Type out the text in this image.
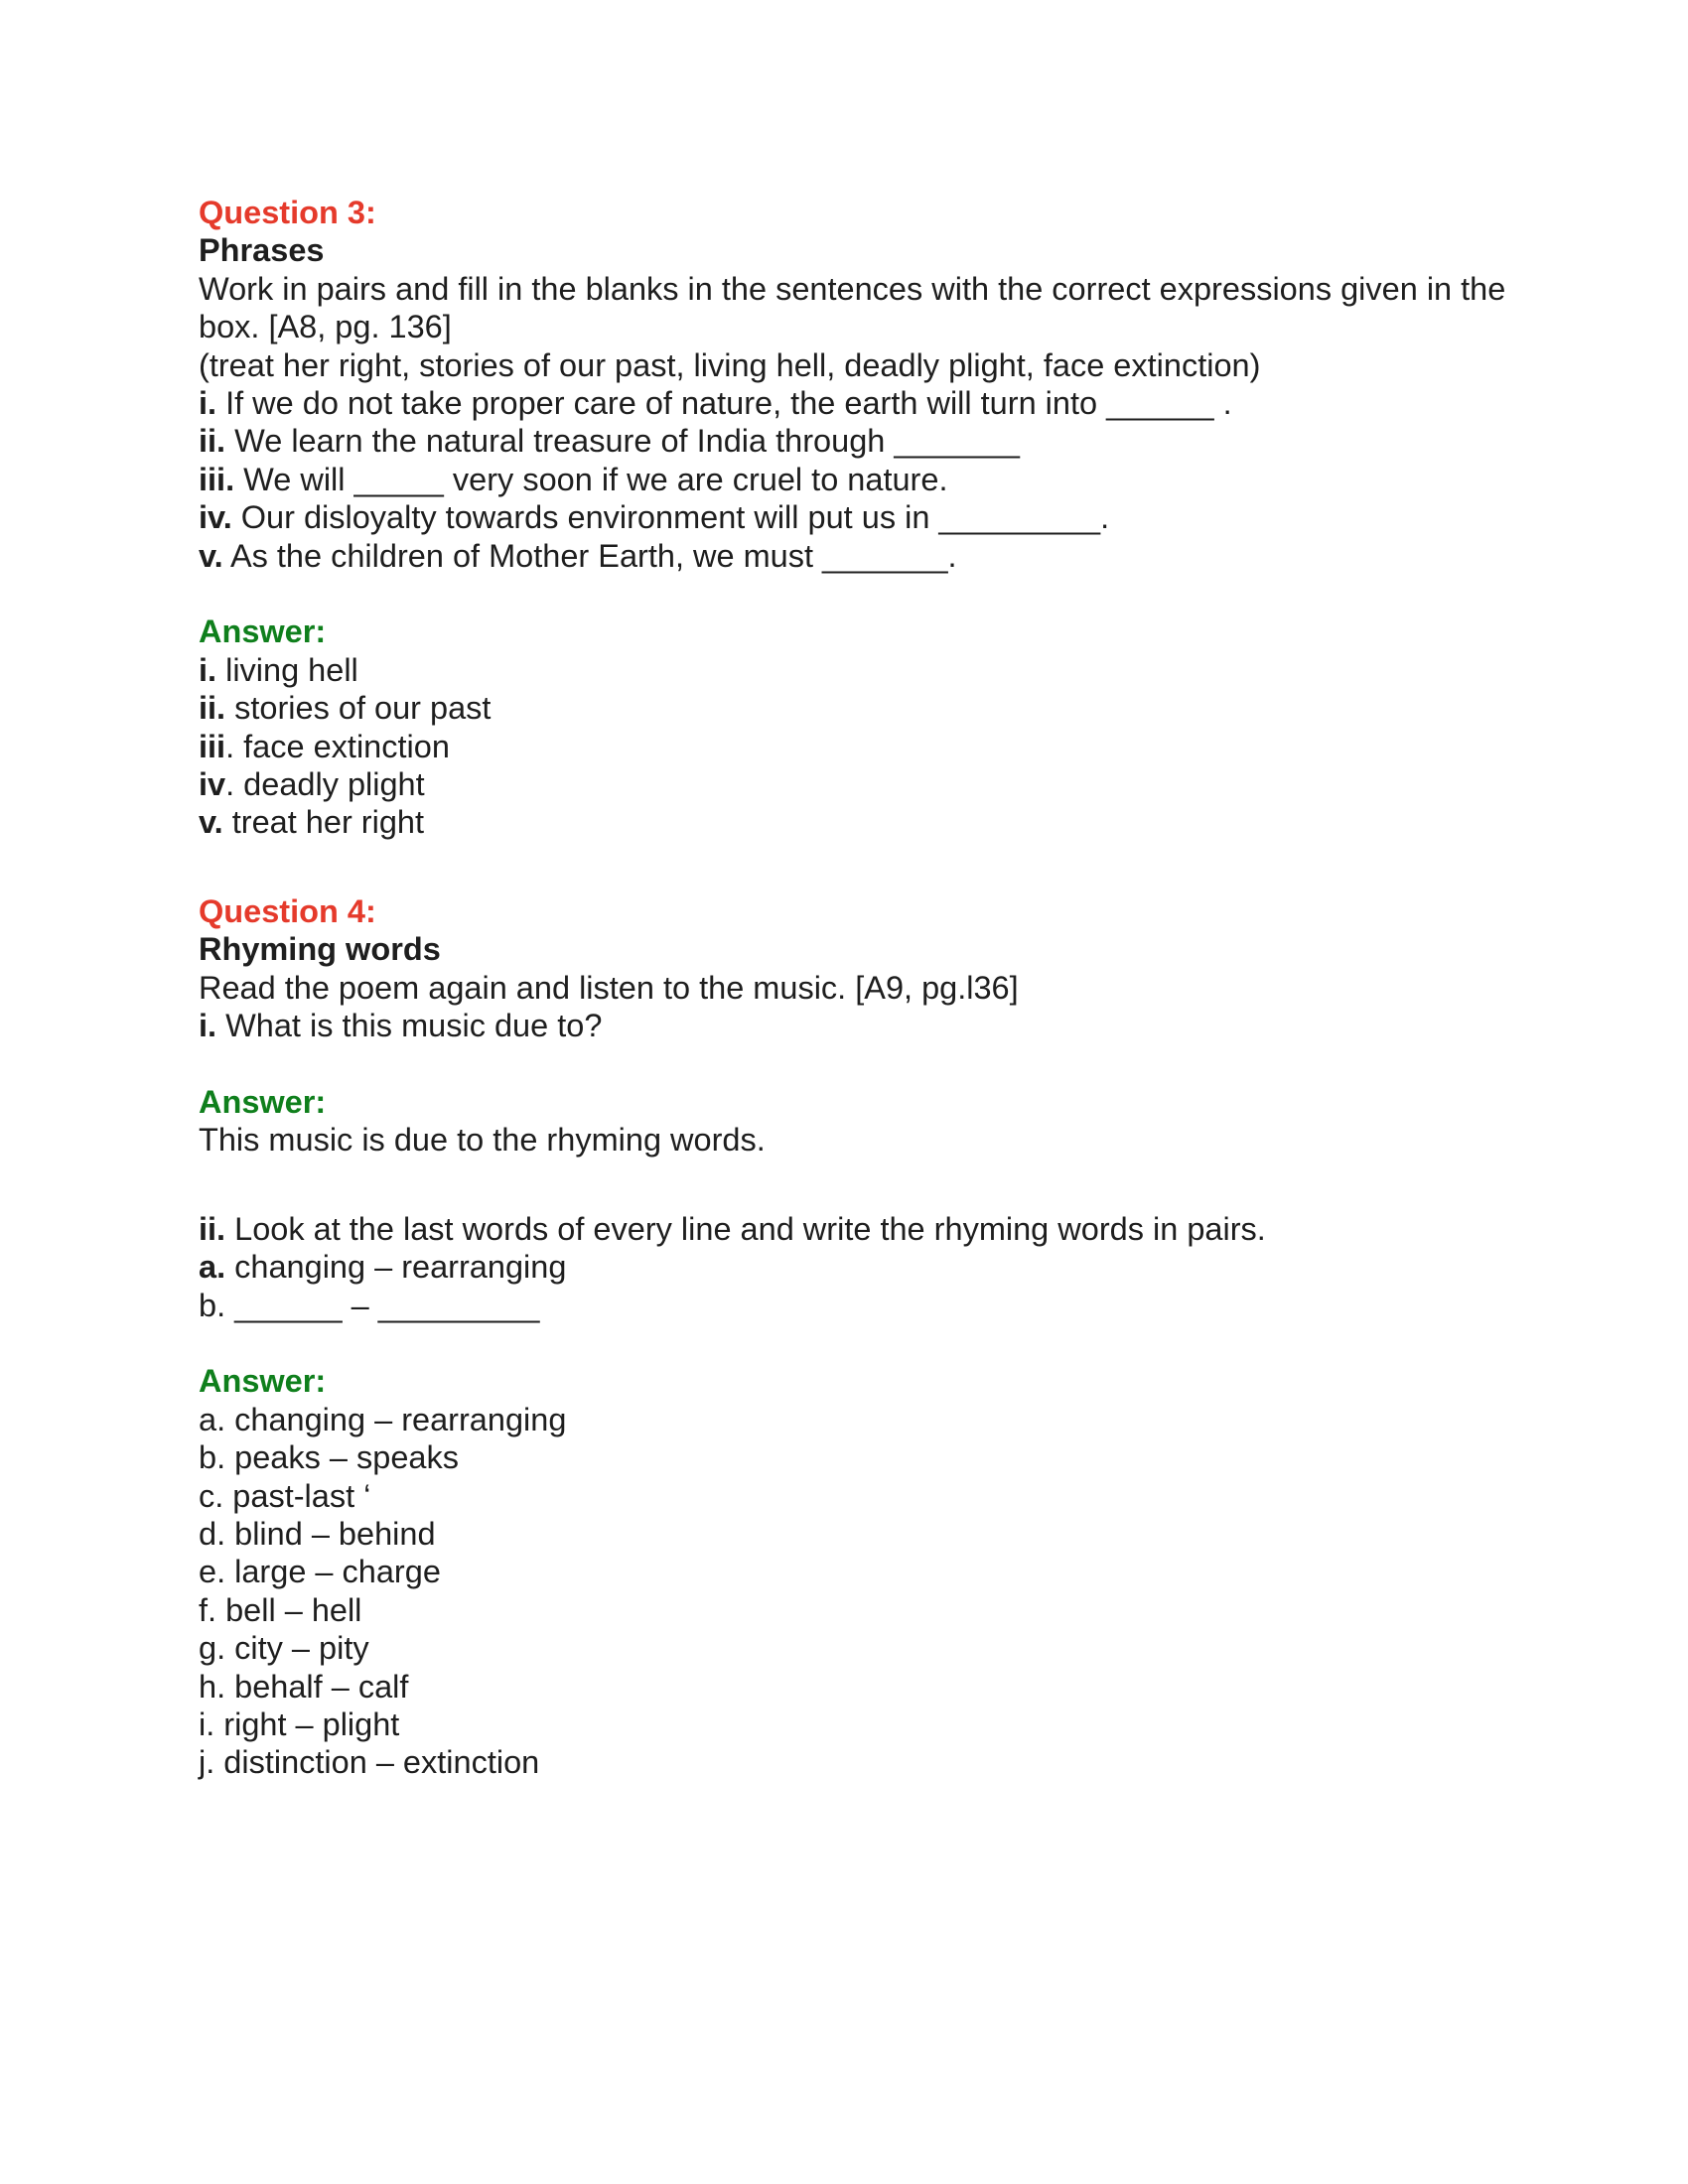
Question 3:
Phrases
Work in pairs and fill in the blanks in the sentences with the correct expressions given in the box. [A8, pg. 136]
(treat her right, stories of our past, living hell, deadly plight, face extinction)
i. If we do not take proper care of nature, the earth will turn into ______ .
ii. We learn the natural treasure of India through _______
iii. We will _____ very soon if we are cruel to nature.
iv. Our disloyalty towards environment will put us in _________.
v. As the children of Mother Earth, we must _______.
Answer:
i. living hell
ii. stories of our past
iii. face extinction
iv. deadly plight
v. treat her right
Question 4:
Rhyming words
Read the poem again and listen to the music. [A9, pg.l36]
i. What is this music due to?
Answer:
This music is due to the rhyming words.
ii. Look at the last words of every line and write the rhyming words in pairs.
a. changing – rearranging
b. ______ – _________
Answer:
a. changing – rearranging
b. peaks – speaks
c. past-last ‘
d. blind – behind
e. large – charge
f. bell – hell
g. city – pity
h. behalf – calf
i. right – plight
j. distinction – extinction
